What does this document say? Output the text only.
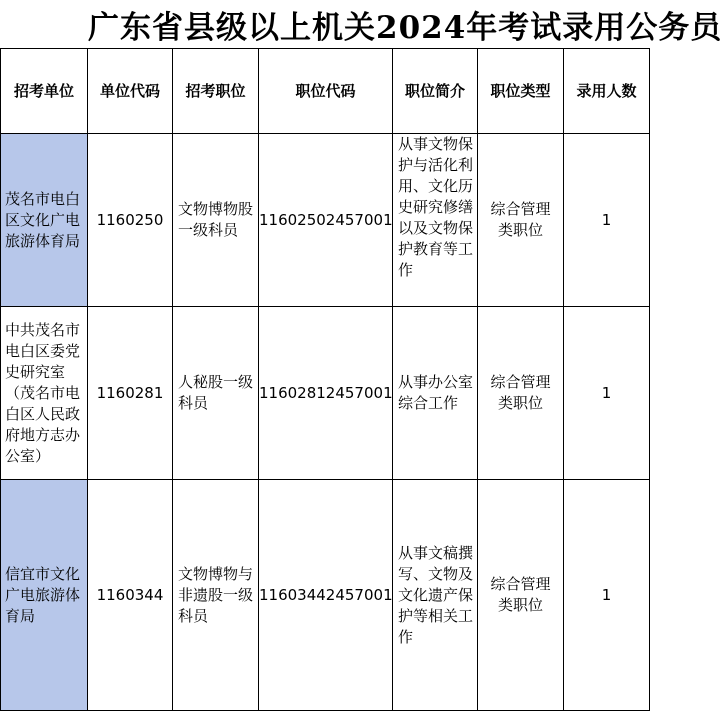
广东省县级以上机关2024年考试录用公务员
招考单位	单位代码	招考职位	职位代码	职位简介	职位类型	录用人数
茂名市电白区文化广电旅游体育局	1160250	文物博物股一级科员	11602502457001	从事文物保护与活化利用、文化历史研究修缮以及文物保护教育等工作	综合管理类职位	1
中共茂名市电白区委党史研究室（茂名市电白区人民政府地方志办公室）	1160281	人秘股一级科员	11602812457001	从事办公室综合工作	综合管理类职位	1
信宜市文化广电旅游体育局	1160344	文物博物与非遗股一级科员	11603442457001	从事文稿撰写、文物及文化遗产保护等相关工作	综合管理类职位	1
